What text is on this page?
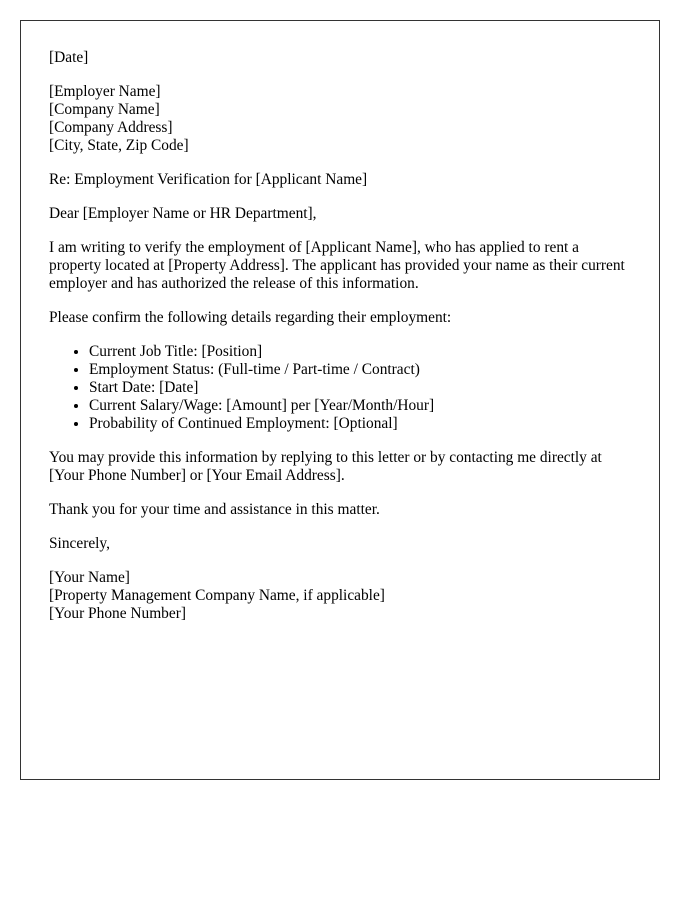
[Date]

[Employer Name]
[Company Name]
[Company Address]
[City, State, Zip Code]

Re: Employment Verification for [Applicant Name]

Dear [Employer Name or HR Department],

I am writing to verify the employment of [Applicant Name], who has applied to rent a property located at [Property Address]. The applicant has provided your name as their current employer and has authorized the release of this information.

Please confirm the following details regarding their employment:

• Current Job Title: [Position]
• Employment Status: (Full-time / Part-time / Contract)
• Start Date: [Date]
• Current Salary/Wage: [Amount] per [Year/Month/Hour]
• Probability of Continued Employment: [Optional]

You may provide this information by replying to this letter or by contacting me directly at [Your Phone Number] or [Your Email Address].

Thank you for your time and assistance in this matter.

Sincerely,

[Your Name]
[Property Management Company Name, if applicable]
[Your Phone Number]
